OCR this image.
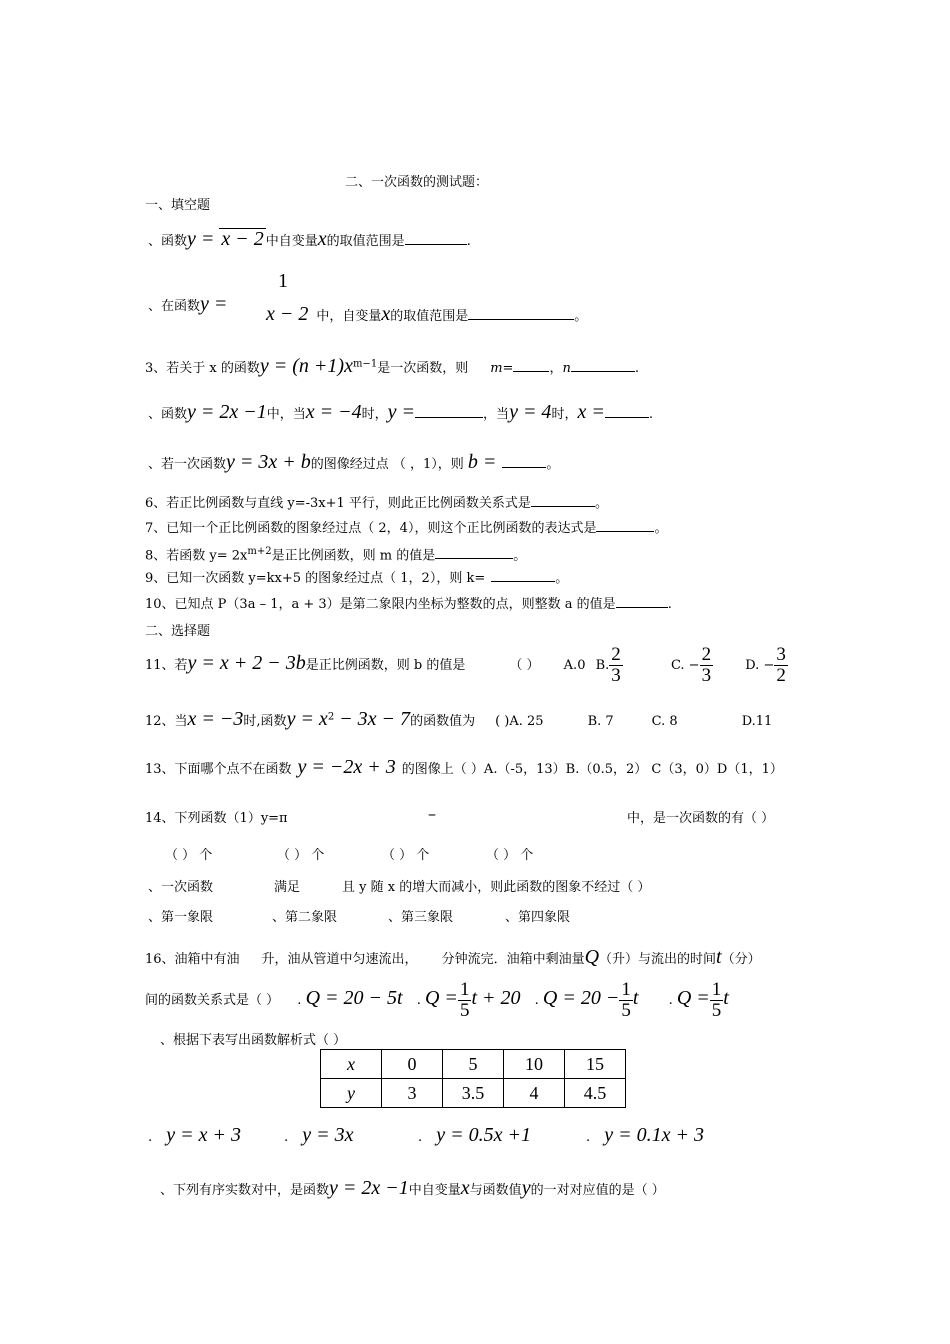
二、一次函数的测试题：
一、填空题
、函数y = x − 2 中自变量x的取值范围是	.
1
、在函数y = x − 2 中，自变量x的取值范围是	。
3、若关于 x 的函数$y = (n +1)x^{m-1}$是一次函数，则 m=	，n	.
、函数y = 2x −1中，当x = −4时，y =	，当y = 4时，x =	.
、若一次函数y = 3x + b的图像经过点 （ ，1），则 b =	。
6、若正比例函数与直线 y=-3x+1 平行，则此正比例函数关系式是	。
7、已知一个正比例函数的图象经过点（ 2，4），则这个正比例函数的表达式是	。
8、若函数 $y= 2x^{m+2}$是正比例函数，则 m 的值是	。
9、已知一次函数 y=kx+5 的图象经过点（ 1，2），则 k=	。
10、已知点 P（3a – 1，a + 3）是第二象限内坐标为整数的点，则整数 a 的值是	.
二、选择题
11、若y = x + 2 − 3b是正比例函数，则 b 的值是	（ ） A.0 B. $\frac{2}{3}$	C. − $\frac{2}{3} D$. − $\frac{3}{2}$
12、当x = −3时,函数$y = x^2 - 3x - 7$的函数值为 ( )A. 25	B. 7	C. 8	D.11
13、下面哪个点不在函数 y = −2x + 3 的图像上（ ）A.（-5，13）B.（0.5，2） C（3，0）D（1，1）
14、下列函数（1）y=π	–	中，是一次函数的有（ ）
（ ） 个	（ ） 个	（ ） 个	（ ） 个
、一次函数	满足	且 y 随 x 的增大而减小，则此函数的图象不经过（ ）
、第一象限	、第二象限	、第三象限	、第四象限
16、油箱中有油 升，油从管道中匀速流出， 分钟流完．油箱中剩油量Q（升）与流出的时间t（分）
间的函数关系式是（ ） . Q = 20 − 5t . $Q = \frac{1}{5}$ t + 20 . $Q = 20 - \frac{1}{5}$ t . $Q = \frac{1}{5}$ t
、根据下表写出函数解析式（ ）
x	0	5	10	15
y	3	3.5	4	4.5
. y = x + 3	. y = 3x	. y = 0.5x +1	. y = 0.1x + 3
、下列有序实数对中，是函数y = 2x −1中自变量x与函数值y的一对对应值的是（ ）
